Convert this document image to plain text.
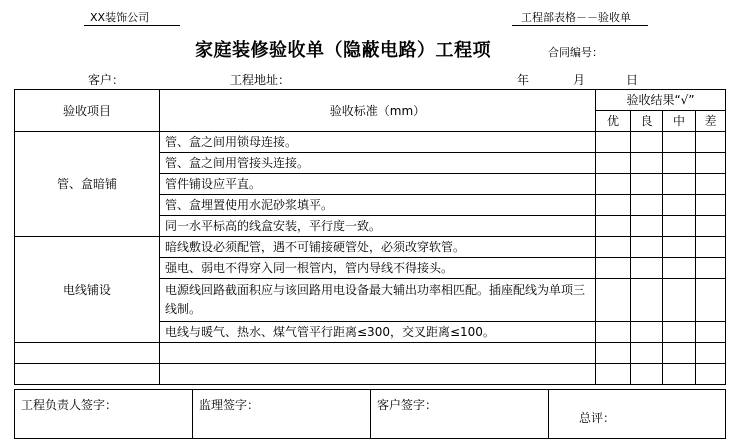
XX装饰公司	工程部表格－－验收单
家庭装修验收单（隐蔽电路）工程项	合同编号：
客户：	工程地址：	年	月	日
验收项目	验收标准（mm）	验收结果“√”			
		优	良	中	差
管、盒暗铺	管、盒之间用锁母连接。				
	管、盒之间用管接头连接。				
	管件铺设应平直。				
	管、盒埋置使用水泥砂浆填平。				
	同一水平标高的线盒安装，平行度一致。				
电线铺设	暗线敷设必须配管，遇不可铺接硬管处，必须改穿软管。				
	强电、弱电不得穿入同一根管内，管内导线不得接头。				
	电源线回路截面积应与该回路用电设备最大辅出功率相匹配。插座配线为单项三线制。				
	电线与暖气、热水、煤气管平行距离≤300，交叉距离≤100。				

工程负责人签字：	监理签字：	客户签字：	总评：
